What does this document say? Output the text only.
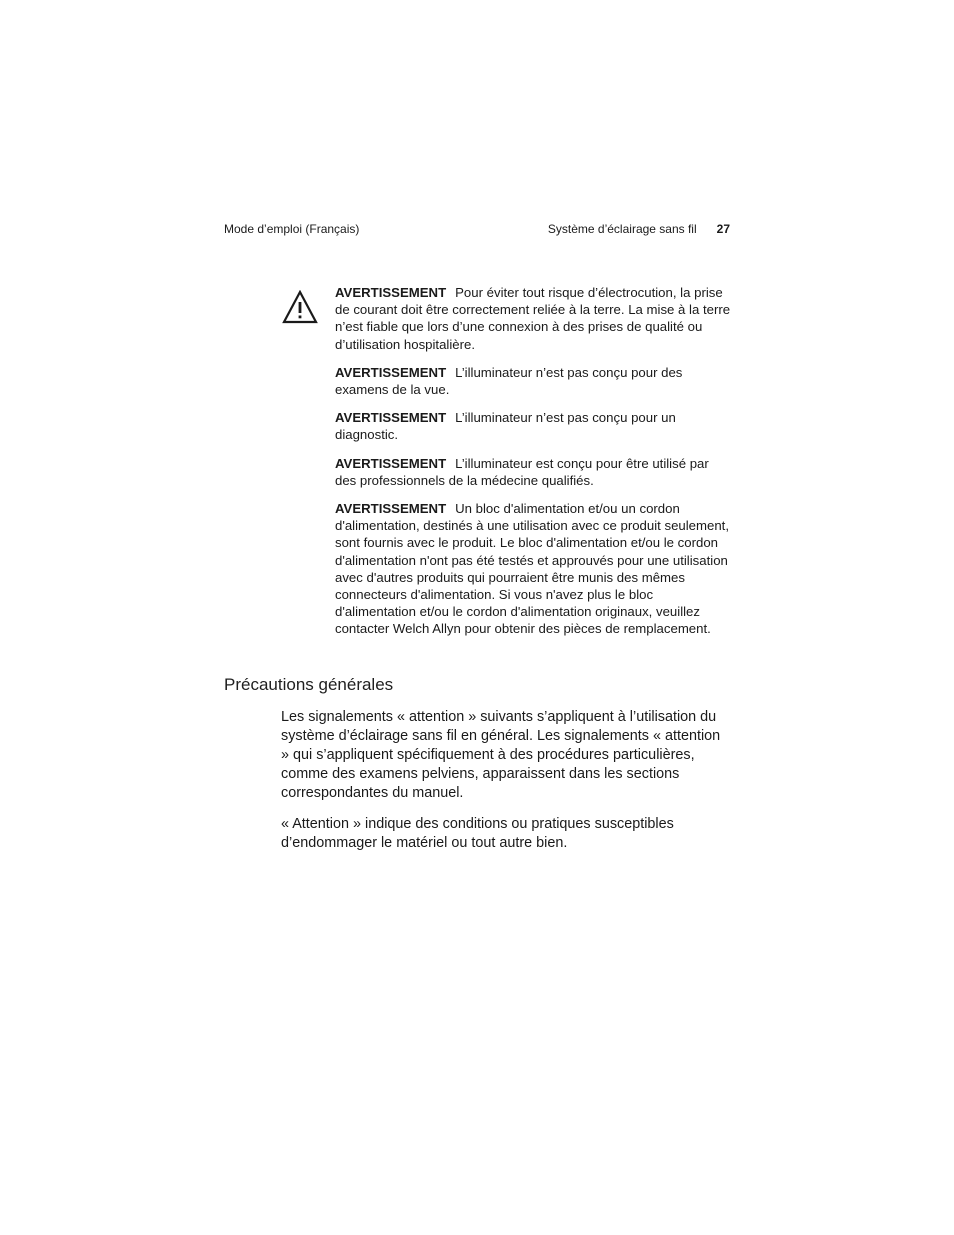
Mode d’emploi (Français)	Système d’éclairage sans fil 27

AVERTISSEMENT Pour éviter tout risque d’électrocution, la prise de courant doit être correctement reliée à la terre. La mise à la terre n’est fiable que lors d’une connexion à des prises de qualité ou d’utilisation hospitalière.

AVERTISSEMENT L’illuminateur n’est pas conçu pour des examens de la vue.

AVERTISSEMENT L’illuminateur n’est pas conçu pour un diagnostic.

AVERTISSEMENT L’illuminateur est conçu pour être utilisé par des professionnels de la médecine qualifiés.

AVERTISSEMENT Un bloc d'alimentation et/ou un cordon d'alimentation, destinés à une utilisation avec ce produit seulement, sont fournis avec le produit. Le bloc d'alimentation et/ou le cordon d'alimentation n'ont pas été testés et approuvés pour une utilisation avec d'autres produits qui pourraient être munis des mêmes connecteurs d'alimentation. Si vous n'avez plus le bloc d'alimentation et/ou le cordon d'alimentation originaux, veuillez contacter Welch Allyn pour obtenir des pièces de remplacement.

Précautions générales

Les signalements « attention » suivants s’appliquent à l’utilisation du système d’éclairage sans fil en général. Les signalements « attention » qui s’appliquent spécifiquement à des procédures particulières, comme des examens pelviens, apparaissent dans les sections correspondantes du manuel.

« Attention » indique des conditions ou pratiques susceptibles d’endommager le matériel ou tout autre bien.
